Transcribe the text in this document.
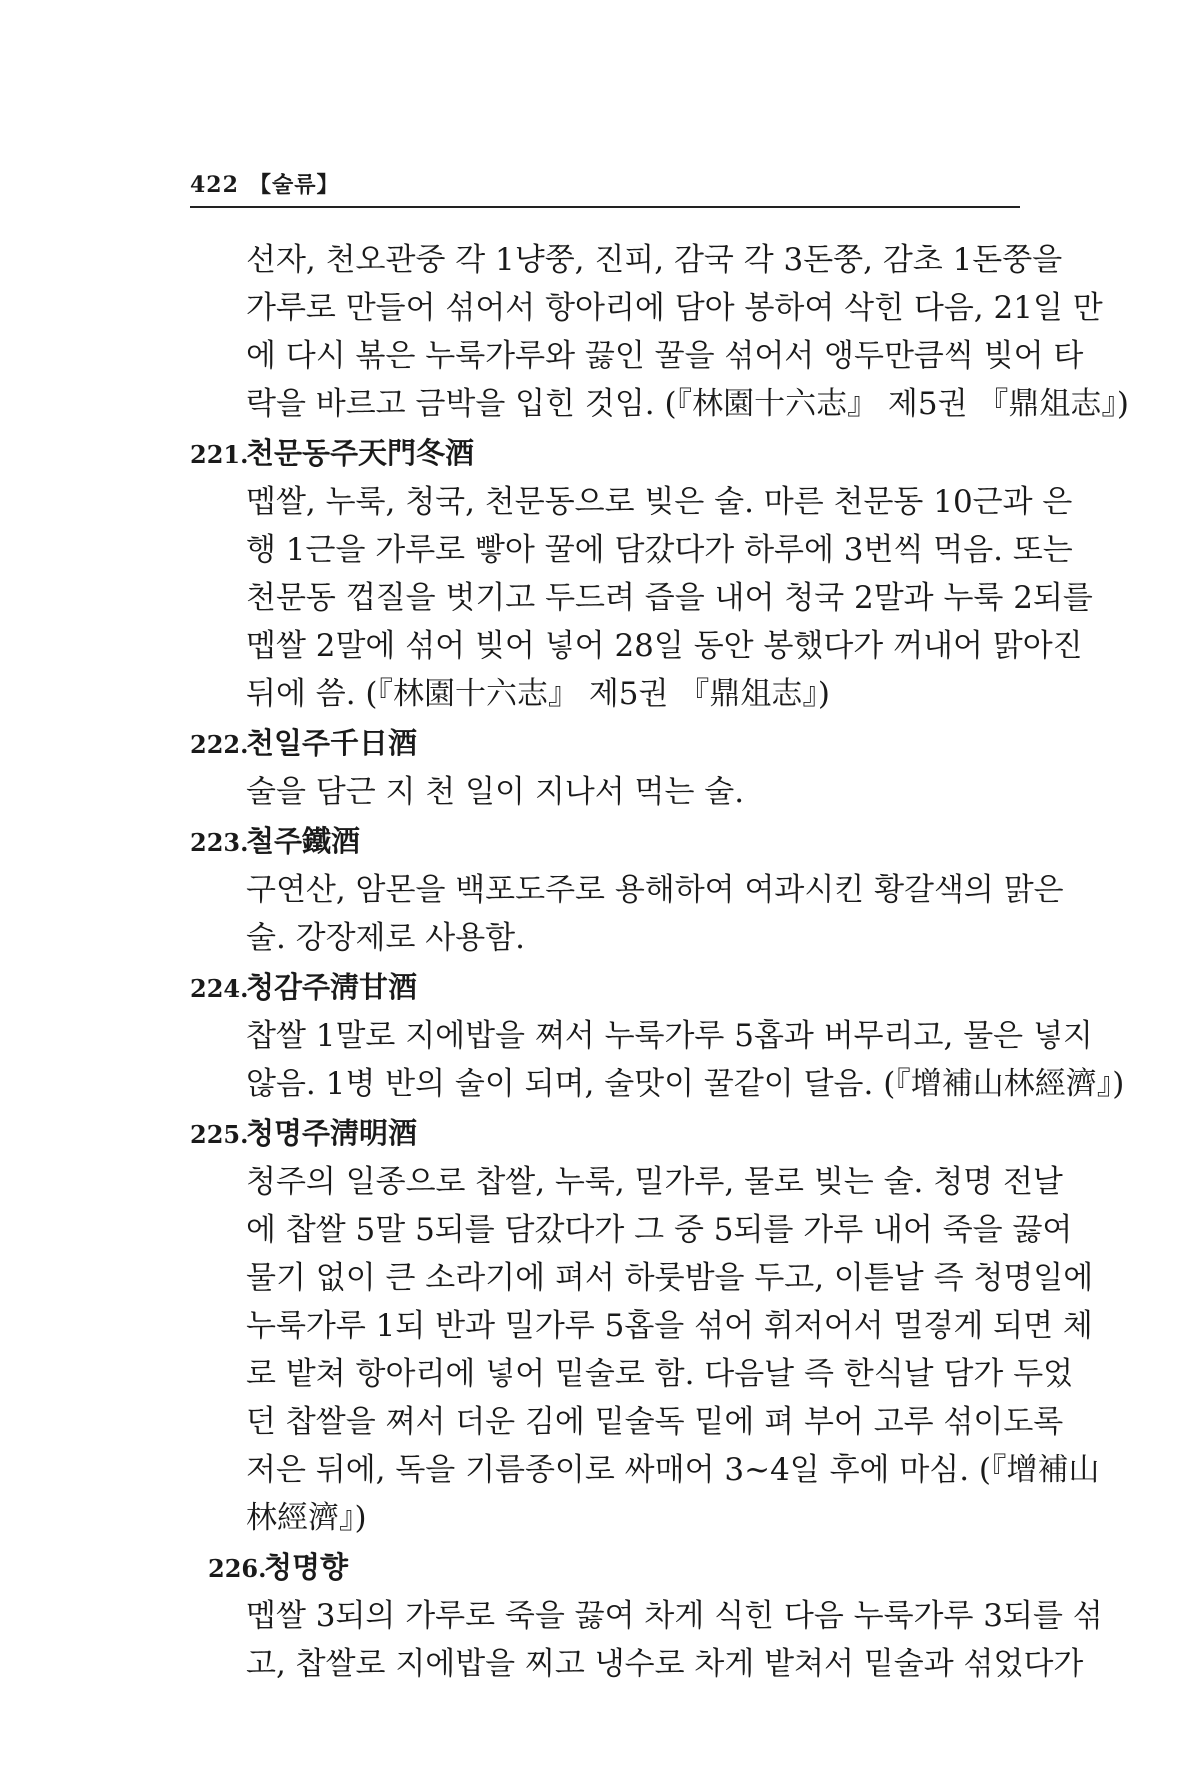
422 【술류】
선자, 천오관중 각 1냥쭝, 진피, 감국 각 3돈쭝, 감초 1돈쭝을
가루로 만들어 섞어서 항아리에 담아 봉하여 삭힌 다음, 21일 만
에 다시 볶은 누룩가루와 끓인 꿀을 섞어서 앵두만큼씩 빚어 타
락을 바르고 금박을 입힌 것임. (『林園十六志』 제5권 『鼎俎志』)
221.천문동주天門冬酒
멥쌀, 누룩, 청국, 천문동으로 빚은 술. 마른 천문동 10근과 은
행 1근을 가루로 빻아 꿀에 담갔다가 하루에 3번씩 먹음. 또는
천문동 껍질을 벗기고 두드려 즙을 내어 청국 2말과 누룩 2되를
멥쌀 2말에 섞어 빚어 넣어 28일 동안 봉했다가 꺼내어 맑아진
뒤에 씀. (『林園十六志』 제5권 『鼎俎志』)
222.천일주千日酒
술을 담근 지 천 일이 지나서 먹는 술.
223.철주鐵酒
구연산, 암몬을 백포도주로 용해하여 여과시킨 황갈색의 맑은
술. 강장제로 사용함.
224.청감주淸甘酒
찹쌀 1말로 지에밥을 쪄서 누룩가루 5홉과 버무리고, 물은 넣지
않음. 1병 반의 술이 되며, 술맛이 꿀같이 달음. (『增補山林經濟』)
225.청명주淸明酒
청주의 일종으로 찹쌀, 누룩, 밀가루, 물로 빚는 술. 청명 전날
에 찹쌀 5말 5되를 담갔다가 그 중 5되를 가루 내어 죽을 끓여
물기 없이 큰 소라기에 펴서 하룻밤을 두고, 이튿날 즉 청명일에
누룩가루 1되 반과 밀가루 5홉을 섞어 휘저어서 멀겋게 되면 체
로 밭쳐 항아리에 넣어 밑술로 함. 다음날 즉 한식날 담가 두었
던 찹쌀을 쪄서 더운 김에 밑술독 밑에 펴 부어 고루 섞이도록
저은 뒤에, 독을 기름종이로 싸매어 3~4일 후에 마심. (『增補山
林經濟』)
226.청명향
멥쌀 3되의 가루로 죽을 끓여 차게 식힌 다음 누룩가루 3되를 섞
고, 찹쌀로 지에밥을 찌고 냉수로 차게 밭쳐서 밑술과 섞었다가
